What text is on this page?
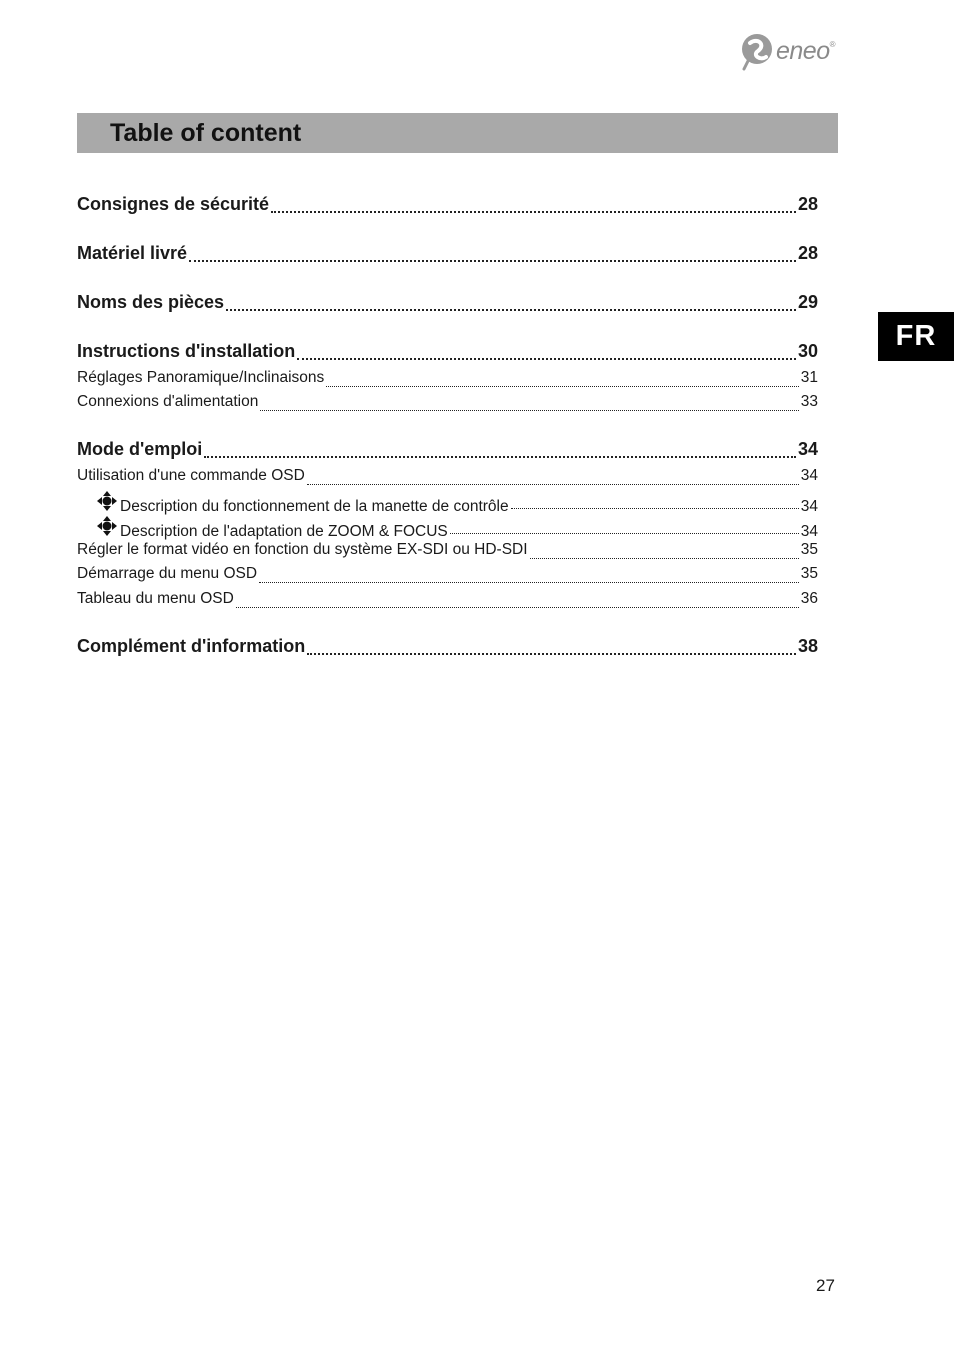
eneo ®
Table of content
FR
Consignes de sécurité	28
Matériel livré	28
Noms des pièces	29
Instructions d'installation	30
Réglages Panoramique/Inclinaisons	31
Connexions d'alimentation	33
Mode d'emploi	34
Utilisation d'une commande OSD	34
Description du fonctionnement de la manette de contrôle	34
Description de l'adaptation de ZOOM & FOCUS	34
Régler le format vidéo en fonction du système EX-SDI ou HD-SDI	35
Démarrage du menu OSD	35
Tableau du menu OSD	36
Complément d'information	38
27
